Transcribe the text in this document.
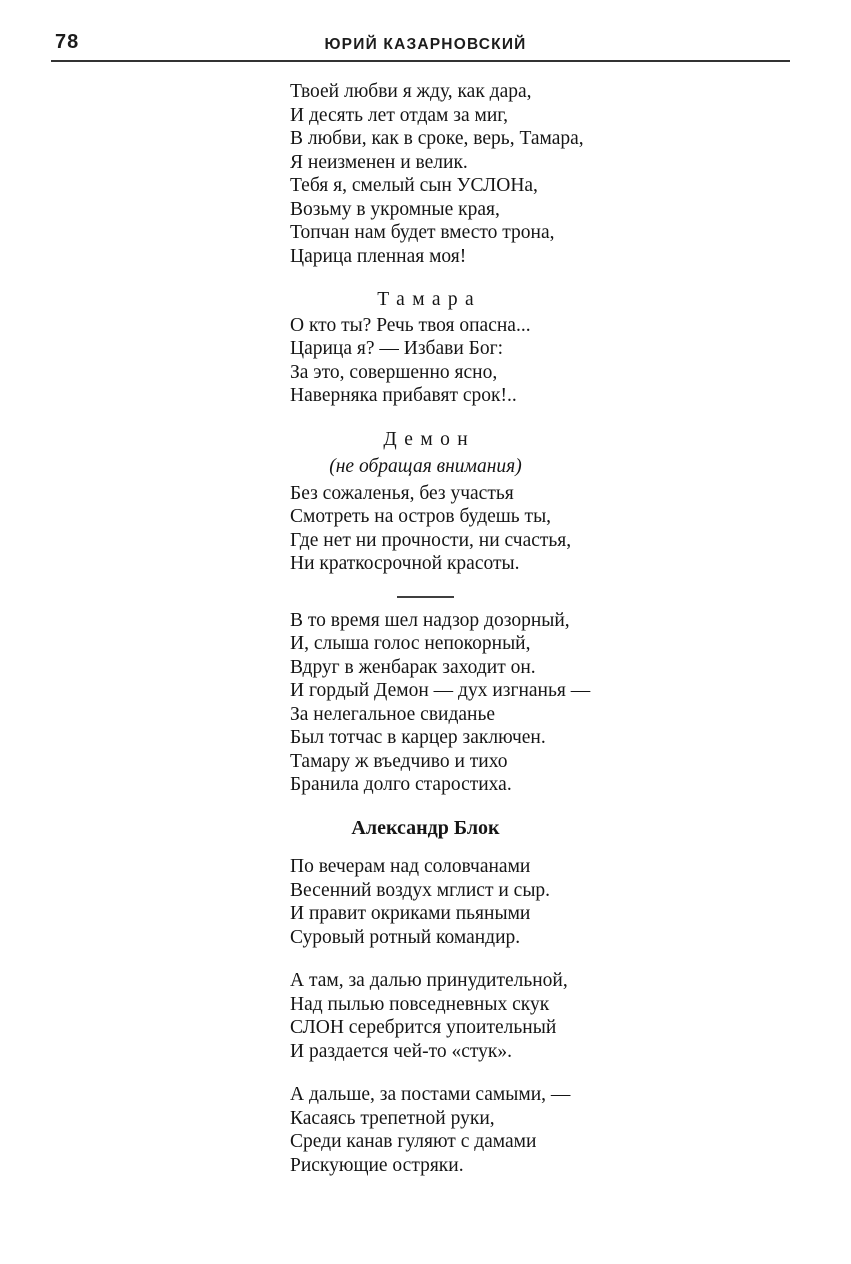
78	ЮРИЙ КАЗАРНОВСКИЙ
Твоей любви я жду, как дара,
И десять лет отдам за миг,
В любви, как в сроке, верь, Тамара,
Я неизменен и велик.
Тебя я, смелый сын УСЛОНа,
Возьму в укромные края,
Топчан нам будет вместо трона,
Царица пленная моя!
Тамара
О кто ты? Речь твоя опасна...
Царица я? — Избави Бог:
За это, совершенно ясно,
Наверняка прибавят срок!..
Демон
(не обращая внимания)
Без сожаленья, без участья
Смотреть на остров будешь ты,
Где нет ни прочности, ни счастья,
Ни краткосрочной красоты.
В то время шел надзор дозорный,
И, слыша голос непокорный,
Вдруг в женбарак заходит он.
И гордый Демон — дух изгнанья —
За нелегальное свиданье
Был тотчас в карцер заключен.
Тамару ж въедчиво и тихо
Бранила долго старостиха.
Александр Блок
По вечерам над соловчанами
Весенний воздух мглист и сыр.
И правит окриками пьяными
Суровый ротный командир.
А там, за далью принудительной,
Над пылью повседневных скук
СЛОН серебрится упоительный
И раздается чей-то «стук».
А дальше, за постами самыми, —
Касаясь трепетной руки,
Среди канав гуляют с дамами
Рискующие остряки.
